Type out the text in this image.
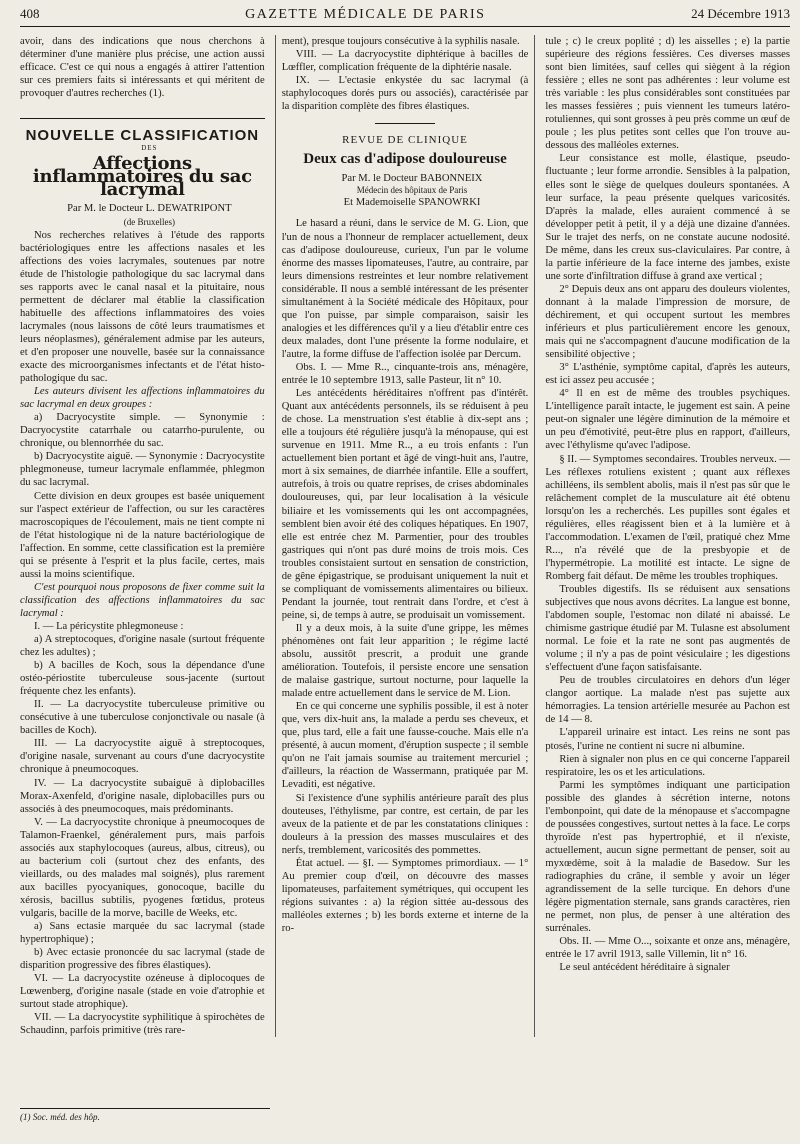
408	GAZETTE MÉDICALE DE PARIS	24 Décembre 1913

avoir, dans des indications que nous cherchons à déterminer d'une manière plus précise, une action aussi efficace. C'est ce qui nous a engagés à attirer l'attention sur ces premiers faits si intéressants et qui méritent de provoquer d'autres recherches (1).

NOUVELLE CLASSIFICATION

DES

Affections inflammatoires du sac lacrymal

Par M. le Docteur L. DEWATRIPONT

(de Bruxelles)

Nos recherches relatives à l'étude des rapports bactériologiques entre les affections nasales et les affections des voies lacrymales, soutenues par notre étude de l'histologie pathologique du sac lacrymal dans ses rapports avec le canal nasal et la pituitaire, nous permettent de déclarer mal établie la classification habituelle des affections inflammatoires des voies lacrymales (nous laissons de côté leurs traumatismes et leurs néoplasmes), généralement admise par les auteurs, et d'en proposer une nouvelle, basée sur la connaissance exacte des microorganismes infectants et de l'état histo-pathologique du sac.

Les auteurs divisent les affections inflammatoires du sac lacrymal en deux groupes :

a) Dacryocystite simple. — Synonymie : Dacryocystite catarrhale ou catarrho-purulente, ou chronique, ou blennorrhée du sac.

b) Dacryocystite aiguë. — Synonymie : Dacryocystite phlegmoneuse, tumeur lacrymale enflammée, phlegmon du sac lacrymal.

Cette division en deux groupes est basée uniquement sur l'aspect extérieur de l'affection, ou sur les caractères macroscopiques de l'écoulement, mais ne tient compte ni de l'état histologique ni de la nature bactériologique de l'affection. En somme, cette classification est la première qui se présente à l'esprit et la plus facile, certes, mais aussi la moins scientifique.

C'est pourquoi nous proposons de fixer comme suit la classification des affections inflammatoires du sac lacrymal :

I. — La péricystite phlegmoneuse :

a) A streptocoques, d'origine nasale (surtout fréquente chez les adultes) ;

b) A bacilles de Koch, sous la dépendance d'une ostéo-périostite tuberculeuse sous-jacente (surtout fréquente chez les enfants).

II. — La dacryocystite tuberculeuse primitive ou consécutive à une tuberculose conjonctivale ou nasale (à bacilles de Koch).

III. — La dacryocystite aiguë à streptocoques, d'origine nasale, survenant au cours d'une dacryocystite chronique à pneumocoques.

IV. — La dacryocystite subaiguë à diplobacilles Morax-Axenfeld, d'origine nasale, diplobacilles purs ou associés à des pneumocoques, mais prédominants.

V. — La dacryocystite chronique à pneumocoques de Talamon-Fraenkel, généralement purs, mais parfois associés aux staphylocoques (aureus, albus, citreus), ou au bacterium coli (surtout chez des enfants, des vieillards, ou des malades mal soignés), plus rarement aux bacilles pyocyaniques, gonocoque, bacille du xérosis, bacillus subtilis, pyogenes fœtidus, proteus vulgaris, bacille de la morve, bacille de Weeks, etc.

a) Sans ectasie marquée du sac lacrymal (stade hypertrophique) ;

b) Avec ectasie prononcée du sac lacrymal (stade de disparition progressive des fibres élastiques).

VI. — La dacryocystite ozéneuse à diplocoques de Lœwenberg, d'origine nasale (stade en voie d'atrophie et surtout stade atrophique).

VII. — La dacryocystite syphilitique à spirochètes de Schaudinn, parfois primitive (très rare-

ment), presque toujours consécutive à la syphilis nasale.

VIII. — La dacryocystite diphtérique à bacilles de Lœffler, complication fréquente de la diphtérie nasale.

IX. — L'ectasie enkystée du sac lacrymal (à staphylocoques dorés purs ou associés), caractérisée par la disparition complète des fibres élastiques.

REVUE DE CLINIQUE
Deux cas d'adipose douloureuse

Par M. le Docteur BABONNEIX

Médecin des hôpitaux de Paris

Et Mademoiselle SPANOWRKI

Le hasard a réuni, dans le service de M. G. Lion, que l'un de nous a l'honneur de remplacer actuellement, deux cas d'adipose douloureuse, curieux, l'un par le volume énorme des masses lipomateuses, l'autre, au contraire, par leurs dimensions restreintes et leur nombre relativement considérable. Il nous a semblé intéressant de les présenter simultanément à la Société médicale des Hôpitaux, pour que l'on puisse, par simple comparaison, saisir les analogies et les différences qu'il y a lieu d'établir entre ces deux malades, dont l'une présente la forme nodulaire, et l'autre, la forme diffuse de l'affection isolée par Dercum.

Obs. I. — Mme R.., cinquante-trois ans, ménagère, entrée le 10 septembre 1913, salle Pasteur, lit n° 10.

Les antécédents héréditaires n'offrent pas d'intérêt. Quant aux antécédents personnels, ils se réduisent à peu de chose. La menstruation s'est établie à dix-sept ans ; elle a toujours été régulière jusqu'à la ménopause, qui est survenue en 1911. Mme R.., a eu trois enfants : l'un actuellement bien portant et âgé de vingt-huit ans, l'autre, mort à six semaines, de diarrhée infantile. Elle a souffert, autrefois, à trois ou quatre reprises, de crises abdominales douloureuses, qui, par leur localisation à la vésicule biliaire et les vomissements qui les ont accompagnées, semblent bien avoir été des coliques hépatiques. En 1907, elle est entrée chez M. Parmentier, pour des troubles gastriques qui n'ont pas duré moins de trois mois. Ces troubles consistaient surtout en sensation de constriction, de gêne épigastrique, se produisant uniquement la nuit et se compliquant de vomissements alimentaires ou bilieux. Pendant la journée, tout rentrait dans l'ordre, et c'est à peine, si, de temps à autre, se produisait un vomissement.

Il y a deux mois, à la suite d'une grippe, les mêmes phénomènes ont fait leur apparition ; le régime lacté absolu, aussitôt prescrit, a produit une grande amélioration. Toutefois, il persiste encore une sensation de malaise gastrique, surtout nocturne, pour laquelle la malade entre actuellement dans le service de M. Lion.

En ce qui concerne une syphilis possible, il est à noter que, vers dix-huit ans, la malade a perdu ses cheveux, et que, plus tard, elle a fait une fausse-couche. Mais elle n'a présenté, à aucun moment, d'éruption suspecte ; il semble qu'on ne l'ait jamais soumise au traitement mercuriel ; d'ailleurs, la réaction de Wassermann, pratiquée par M. Levaditi, est négative.

Si l'existence d'une syphilis antérieure paraît des plus douteuses, l'éthylisme, par contre, est certain, de par les aveux de la patiente et de par les constatations cliniques : douleurs à la pression des masses musculaires et des nerfs, tremblement, varicosités des pommettes.

État actuel. — §I. — Symptomes primordiaux. — 1° Au premier coup d'œil, on découvre des masses lipomateuses, parfaitement symétriques, qui occupent les régions suivantes : a) la région sittée au-dessous des malléoles externes ; b) les bords externe et interne de la ro-

tule ; c) le creux poplité ; d) les aisselles ; e) la partie supérieure des régions fessières. Ces diverses masses sont bien limitées, sauf celles qui siègent à la région fessière ; elles ne sont pas adhérentes : leur volume est très variable : les plus considérables sont constituées par les masses fessières ; puis viennent les tumeurs latéro-rotuliennes, qui sont grosses à peu près comme un œuf de poule ; les plus petites sont celles que l'on trouve au-dessous des malléoles externes.

Leur consistance est molle, élastique, pseudo-fluctuante ; leur forme arrondie. Sensibles à la palpation, elles sont le siège de quelques douleurs spontanées. A leur surface, la peau présente quelques varicosités. D'après la malade, elles auraient commencé à se développer petit à petit, il y a déjà une dizaine d'années. Sur le trajet des nerfs, on ne constate aucune nodosité. De même, dans les creux sus-claviculaires. Par contre, à la partie inférieure de la face interne des jambes, existe une sorte d'infiltration diffuse à grand axe vertical ;

2° Depuis deux ans ont apparu des douleurs violentes, donnant à la malade l'impression de morsure, de déchirement, et qui occupent surtout les membres inférieurs et plus particulièrement encore les genoux, mais qui ne s'accompagnent d'aucune modification de la sensibilité objective ;

3° L'asthénie, symptôme capital, d'après les auteurs, est ici assez peu accusée ;

4° Il en est de même des troubles psychiques. L'intelligence paraît intacte, le jugement est sain. A peine peut-on signaler une légère diminution de la mémoire et un peu d'émotivité, peut-être plus en rapport, d'ailleurs, avec l'éthylisme qu'avec l'adipose.

§ II. — Symptomes secondaires. Troubles nerveux. — Les réflexes rotuliens existent ; quant aux réflexes achilléens, ils semblent abolis, mais il n'est pas sûr que le relâchement complet de la musculature ait été obtenu lorsqu'on les a recherchés. Les pupilles sont égales et régulières, elles réagissent bien et à la lumière et à l'accommodation. L'examen de l'œil, pratiqué chez Mme R..., n'a révélé que de la presbyopie et de l'hypermétropie. La motilité est intacte. Le signe de Romberg fait défaut. De même les troubles trophiques.

Troubles digestifs. Ils se réduisent aux sensations subjectives que nous avons décrites. La langue est bonne, l'abdomen souple, l'estomac non dilaté ni abaissé. Le chimisme gastrique étudié par M. Tulasne est absolument normal. Le foie et la rate ne sont pas augmentés de volume ; il n'y a pas de point vésiculaire ; les digestions s'effectuent d'une façon satisfaisante.

Peu de troubles circulatoires en dehors d'un léger clangor aortique. La malade n'est pas sujette aux hémorragies. La tension artérielle mesurée au Pachon est de 14 — 8.

L'appareil urinaire est intact. Les reins ne sont pas ptosés, l'urine ne contient ni sucre ni albumine.

Rien à signaler non plus en ce qui concerne l'appareil respiratoire, les os et les articulations.

Parmi les symptômes indiquant une participation possible des glandes à sécrétion interne, notons l'embonpoint, qui date de la ménopause et s'accompagne de poussées congestives, surtout nettes à la face. Le corps thyroïde n'est pas hypertrophié, et il n'existe, actuellement, aucun signe permettant de penser, soit au myxœdème, soit à la maladie de Basedow. Sur les radiographies du crâne, il semble y avoir un léger agrandissement de la selle turcique. En dehors d'une légère pigmentation sternale, sans grands caractères, rien ne permet, non plus, de penser à une altération des surrénales.

Obs. II. — Mme O..., soixante et onze ans, ménagère, entrée le 17 avril 1913, salle Villemin, lit n° 16.

Le seul antécédent héréditaire à signaler

(1) Soc. méd. des hôp.
